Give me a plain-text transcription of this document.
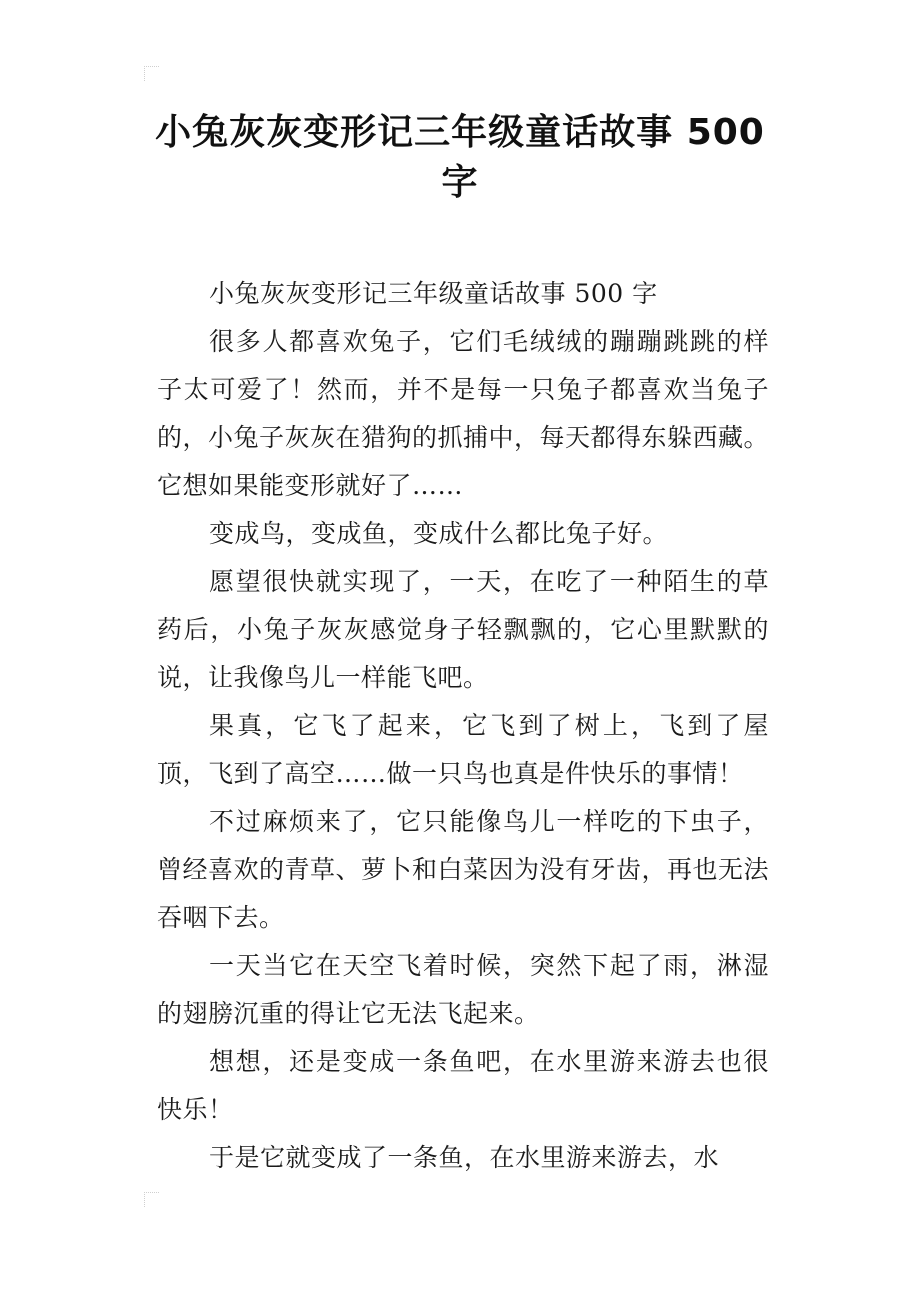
小兔灰灰变形记三年级童话故事 500 字

小兔灰灰变形记三年级童话故事 500 字

很多人都喜欢兔子，它们毛绒绒的蹦蹦跳跳的样子太可爱了！然而，并不是每一只兔子都喜欢当兔子的，小兔子灰灰在猎狗的抓捕中，每天都得东躲西藏。它想如果能变形就好了……

变成鸟，变成鱼，变成什么都比兔子好。

愿望很快就实现了，一天，在吃了一种陌生的草药后，小兔子灰灰感觉身子轻飘飘的，它心里默默的说，让我像鸟儿一样能飞吧。

果真，它飞了起来，它飞到了树上，飞到了屋顶，飞到了高空……做一只鸟也真是件快乐的事情！

不过麻烦来了，它只能像鸟儿一样吃的下虫子，曾经喜欢的青草、萝卜和白菜因为没有牙齿，再也无法吞咽下去。

一天当它在天空飞着时候，突然下起了雨，淋湿的翅膀沉重的得让它无法飞起来。

想想，还是变成一条鱼吧，在水里游来游去也很快乐！

于是它就变成了一条鱼，在水里游来游去，水
